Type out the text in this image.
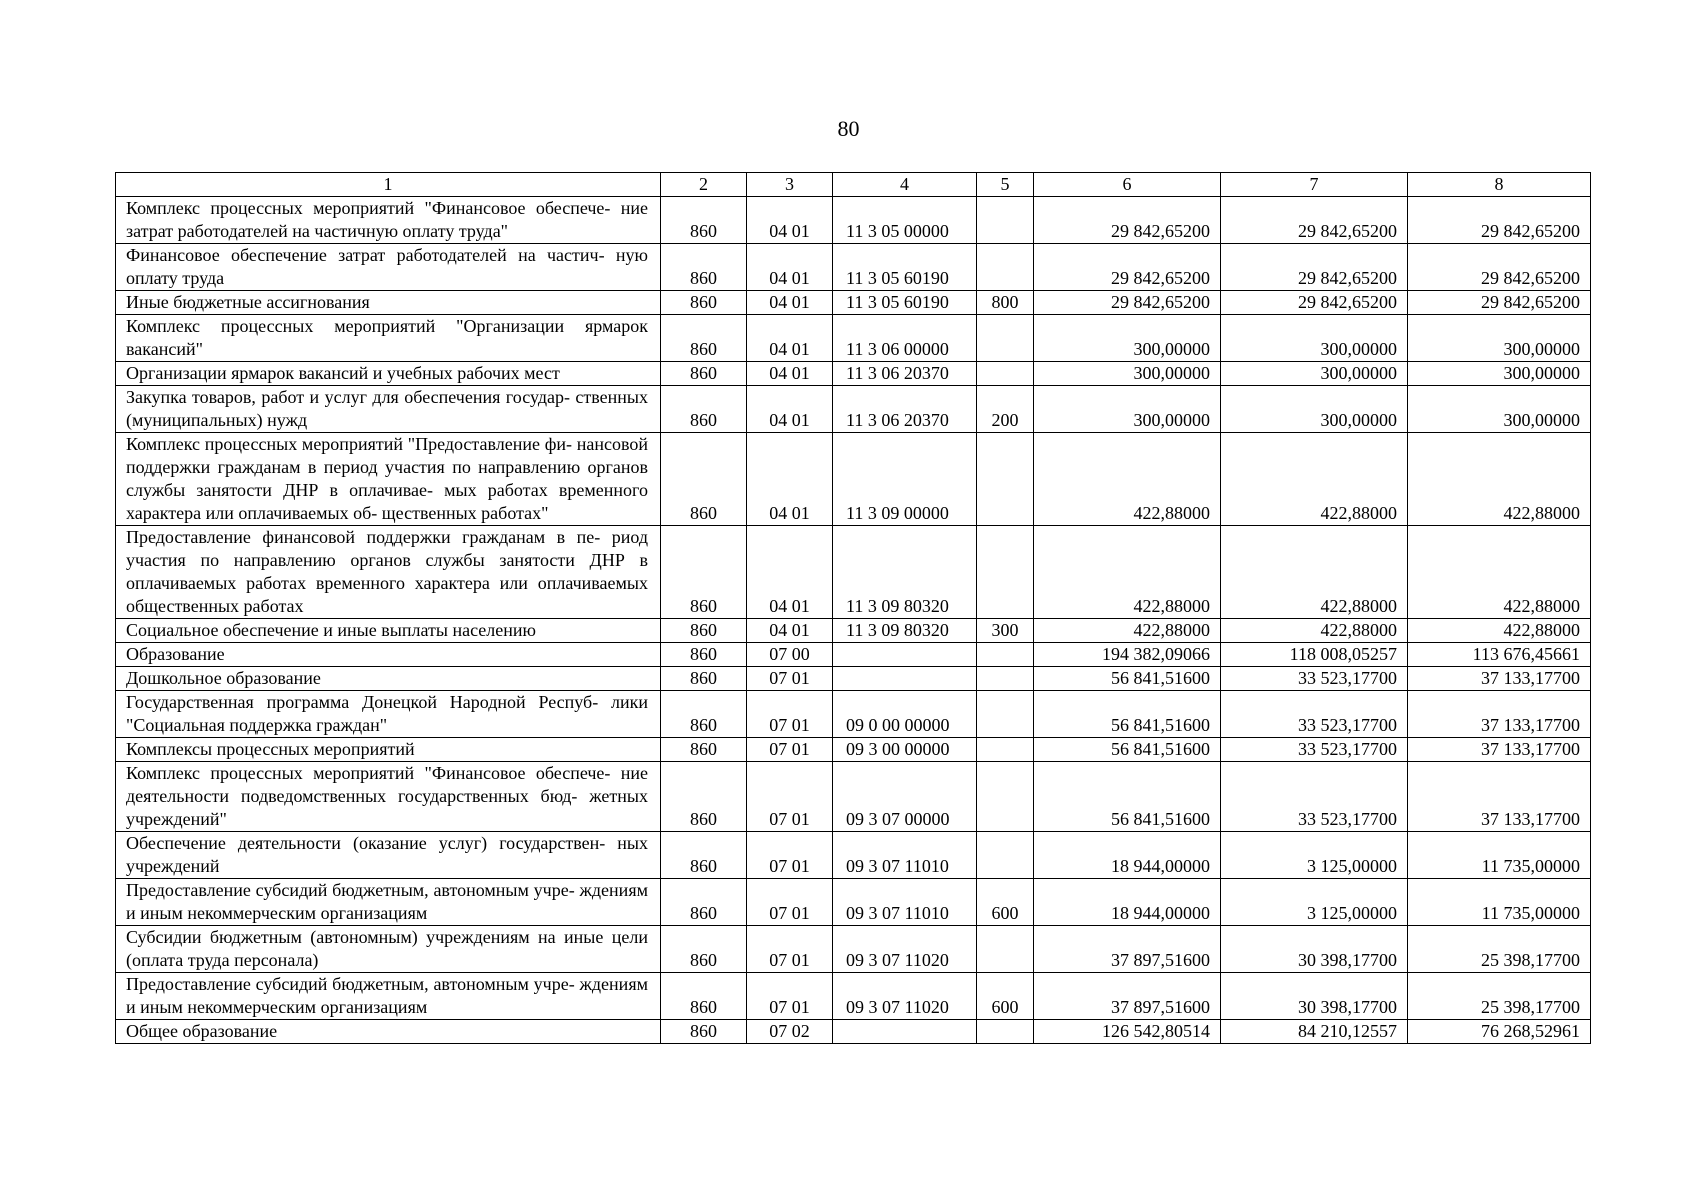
80
1	2	3	4	5	6	7	8
Комплекс процессных мероприятий "Финансовое обеспече- ние затрат работодателей на частичную оплату труда"	860	04 01	11 3 05 00000		29 842,65200	29 842,65200	29 842,65200
Финансовое обеспечение затрат работодателей на частич- ную оплату труда	860	04 01	11 3 05 60190		29 842,65200	29 842,65200	29 842,65200
Иные бюджетные ассигнования	860	04 01	11 3 05 60190	800	29 842,65200	29 842,65200	29 842,65200
Комплекс процессных мероприятий "Организации ярмарок вакансий"	860	04 01	11 3 06 00000		300,00000	300,00000	300,00000
Организации ярмарок вакансий и учебных рабочих мест	860	04 01	11 3 06 20370		300,00000	300,00000	300,00000
Закупка товаров, работ и услуг для обеспечения государ- ственных (муниципальных) нужд	860	04 01	11 3 06 20370	200	300,00000	300,00000	300,00000
Комплекс процессных мероприятий "Предоставление фи- нансовой поддержки гражданам в период участия по направлению органов службы занятости ДНР в оплачивае- мых работах временного характера или оплачиваемых об- щественных работах"	860	04 01	11 3 09 00000		422,88000	422,88000	422,88000
Предоставление финансовой поддержки гражданам в пе- риод участия по направлению органов службы занятости ДНР в оплачиваемых работах временного характера или оплачиваемых общественных работах	860	04 01	11 3 09 80320		422,88000	422,88000	422,88000
Социальное обеспечение и иные выплаты населению	860	04 01	11 3 09 80320	300	422,88000	422,88000	422,88000
Образование	860	07 00			194 382,09066	118 008,05257	113 676,45661
Дошкольное образование	860	07 01			56 841,51600	33 523,17700	37 133,17700
Государственная программа Донецкой Народной Респуб- лики "Социальная поддержка граждан"	860	07 01	09 0 00 00000		56 841,51600	33 523,17700	37 133,17700
Комплексы процессных мероприятий	860	07 01	09 3 00 00000		56 841,51600	33 523,17700	37 133,17700
Комплекс процессных мероприятий "Финансовое обеспече- ние деятельности подведомственных государственных бюд- жетных учреждений"	860	07 01	09 3 07 00000		56 841,51600	33 523,17700	37 133,17700
Обеспечение деятельности (оказание услуг) государствен- ных учреждений	860	07 01	09 3 07 11010		18 944,00000	3 125,00000	11 735,00000
Предоставление субсидий бюджетным, автономным учре- ждениям и иным некоммерческим организациям	860	07 01	09 3 07 11010	600	18 944,00000	3 125,00000	11 735,00000
Субсидии бюджетным (автономным) учреждениям на иные цели (оплата труда персонала)	860	07 01	09 3 07 11020		37 897,51600	30 398,17700	25 398,17700
Предоставление субсидий бюджетным, автономным учре- ждениям и иным некоммерческим организациям	860	07 01	09 3 07 11020	600	37 897,51600	30 398,17700	25 398,17700
Общее образование	860	07 02			126 542,80514	84 210,12557	76 268,52961
